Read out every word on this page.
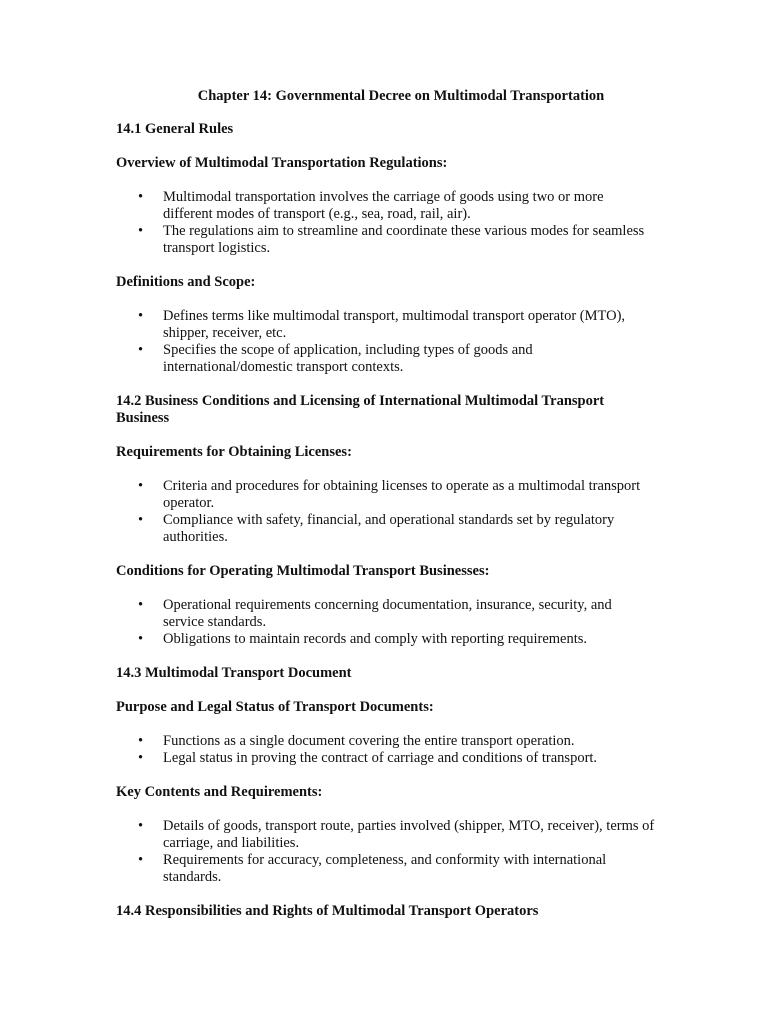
Chapter 14: Governmental Decree on Multimodal Transportation
14.1 General Rules
Overview of Multimodal Transportation Regulations:
• Multimodal transportation involves the carriage of goods using two or more different modes of transport (e.g., sea, road, rail, air).
• The regulations aim to streamline and coordinate these various modes for seamless transport logistics.
Definitions and Scope:
• Defines terms like multimodal transport, multimodal transport operator (MTO), shipper, receiver, etc.
• Specifies the scope of application, including types of goods and international/domestic transport contexts.
14.2 Business Conditions and Licensing of International Multimodal Transport Business
Requirements for Obtaining Licenses:
• Criteria and procedures for obtaining licenses to operate as a multimodal transport operator.
• Compliance with safety, financial, and operational standards set by regulatory authorities.
Conditions for Operating Multimodal Transport Businesses:
• Operational requirements concerning documentation, insurance, security, and service standards.
• Obligations to maintain records and comply with reporting requirements.
14.3 Multimodal Transport Document
Purpose and Legal Status of Transport Documents:
• Functions as a single document covering the entire transport operation.
• Legal status in proving the contract of carriage and conditions of transport.
Key Contents and Requirements:
• Details of goods, transport route, parties involved (shipper, MTO, receiver), terms of carriage, and liabilities.
• Requirements for accuracy, completeness, and conformity with international standards.
14.4 Responsibilities and Rights of Multimodal Transport Operators
